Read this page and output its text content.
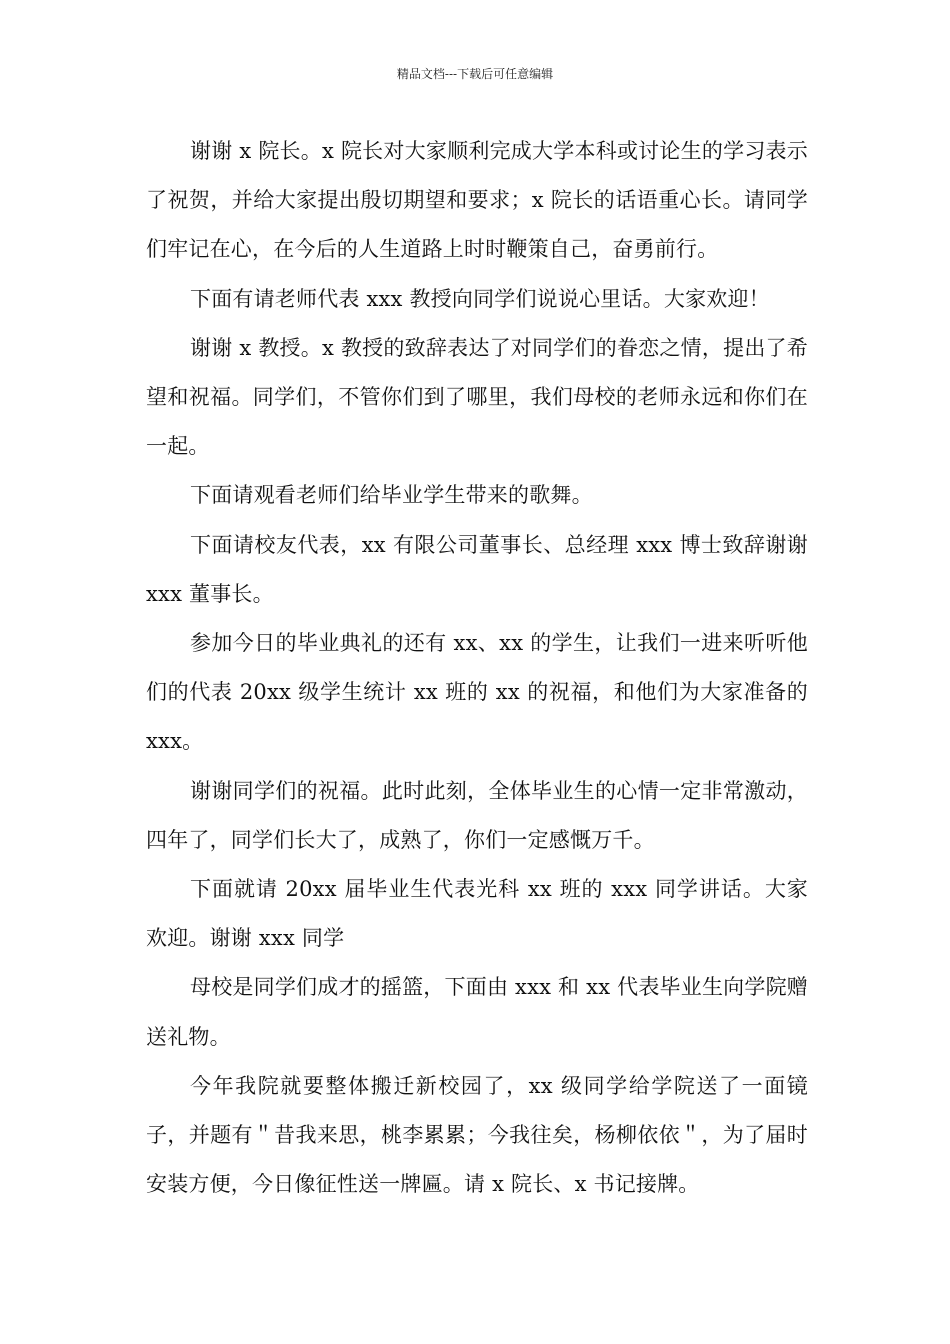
精品文档---下载后可任意编辑

谢谢 x 院长。x 院长对大家顺利完成大学本科或讨论生的学习表示了祝贺，并给大家提出殷切期望和要求；x 院长的话语重心长。请同学们牢记在心，在今后的人生道路上时时鞭策自己，奋勇前行。

下面有请老师代表 xxx 教授向同学们说说心里话。大家欢迎！

谢谢 x 教授。x 教授的致辞表达了对同学们的眷恋之情，提出了希望和祝福。同学们，不管你们到了哪里，我们母校的老师永远和你们在一起。

下面请观看老师们给毕业学生带来的歌舞。

下面请校友代表，xx 有限公司董事长、总经理 xxx 博士致辞谢谢 xxx 董事长。

参加今日的毕业典礼的还有 xx、xx 的学生，让我们一进来听听他们的代表 20xx 级学生统计 xx 班的 xx 的祝福，和他们为大家准备的 xxx。

谢谢同学们的祝福。此时此刻，全体毕业生的心情一定非常激动，四年了，同学们长大了，成熟了，你们一定感慨万千。

下面就请 20xx 届毕业生代表光科 xx 班的 xxx 同学讲话。大家欢迎。谢谢 xxx 同学

母校是同学们成才的摇篮，下面由 xxx 和 xx 代表毕业生向学院赠送礼物。

今年我院就要整体搬迁新校园了，xx 级同学给学院送了一面镜子，并题有＂昔我来思，桃李累累；今我往矣，杨柳依依＂，为了届时安装方便，今日像征性送一牌匾。请 x 院长、x 书记接牌。
